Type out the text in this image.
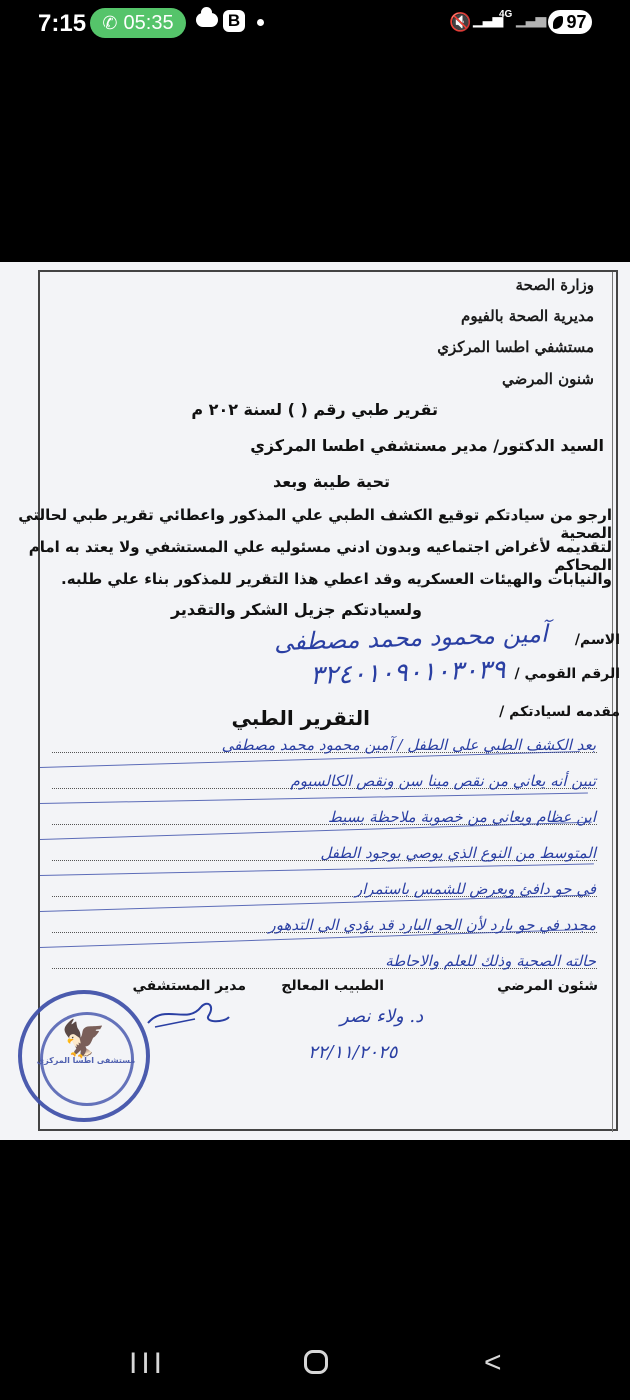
7:15 ✆ 05:35	B	🔇 ▁▃▅
4G ▁▃▅ 97
وزارة الصحة
مديرية الصحة بالفيوم
مستشفي اطسا المركزي
شنون المرضي
تقرير طبي رقم ( ) لسنة ٢٠٢ م
السيد الدكتور/ مدير مستشفي اطسا المركزي
تحية طيبة وبعد
ارجو من سيادتكم توقيع الكشف الطبي علي المذكور واعطائي تقرير طبي لحالتي الصحية
لتقديمه لأغراض اجتماعيه وبدون ادني مسئوليه علي المستشفي ولا يعتد به امام المحاكم
والنيابات والهيئات العسكريه وقد اعطي هذا التقرير للمذكور بناء علي طلبه.
ولسيادتكم جزيل الشكر والتقدير
الاسم/
آمين محمود محمد مصطفى
الرقم القومي /
٣٢٤٠١٠٩٠١٠٣٠٣٩
مقدمه لسيادتكم /
التقرير الطبي
بعد الكشف الطبي على الطفل / آمين محمود محمد مصطفى
تبين أنه يعاني من نقص مينا سن ونقص الكالسيوم
ابن عظام ويعاني من خصوبة ملاحظة بسيط
المتوسط من النوع الذي يوصي بوجود الطفل
في جو دافئ ويعرض للشمس باستمرار
مجدد في جو بارد لأن الجو البارد قد يؤدي الى التدهور
حالته الصحية وذلك للعلم والاحاطة
شئون المرضي
الطبيب المعالج
مدير المستشفي
🦅
مستشفى اطسا المركزي
د. ولاء نصر
٢٢/١١/٢٠٢٥
III	<
